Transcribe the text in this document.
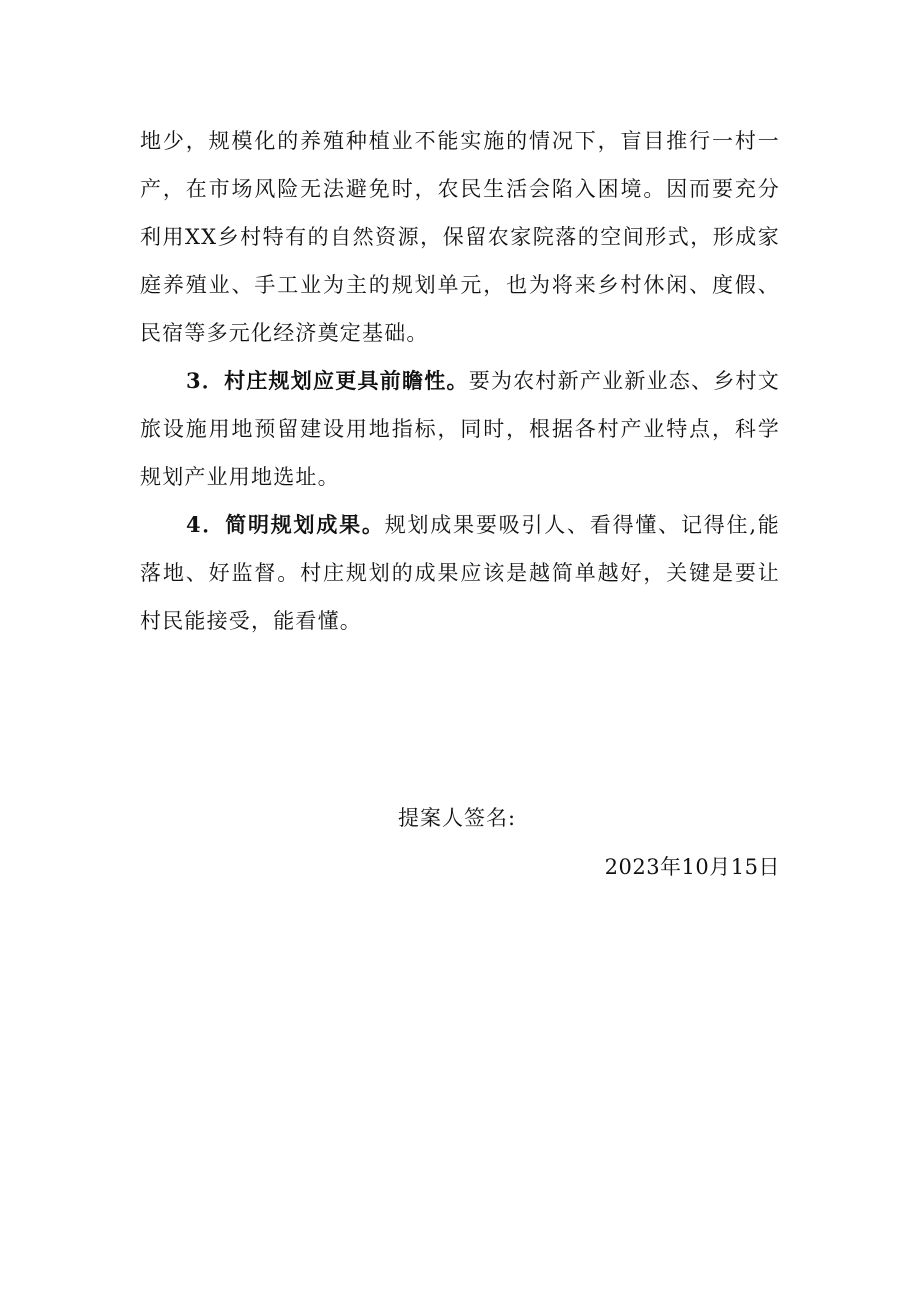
地少，规模化的养殖种植业不能实施的情况下，盲目推行一村一产，在市场风险无法避免时，农民生活会陷入困境。因而要充分利用XX乡村特有的自然资源，保留农家院落的空间形式，形成家庭养殖业、手工业为主的规划单元，也为将来乡村休闲、度假、民宿等多元化经济奠定基础。

3．村庄规划应更具前瞻性。要为农村新产业新业态、乡村文旅设施用地预留建设用地指标，同时，根据各村产业特点，科学规划产业用地选址。

4．简明规划成果。规划成果要吸引人、看得懂、记得住,能落地、好监督。村庄规划的成果应该是越简单越好，关键是要让村民能接受，能看懂。

提案人签名:
2023年10月15日
